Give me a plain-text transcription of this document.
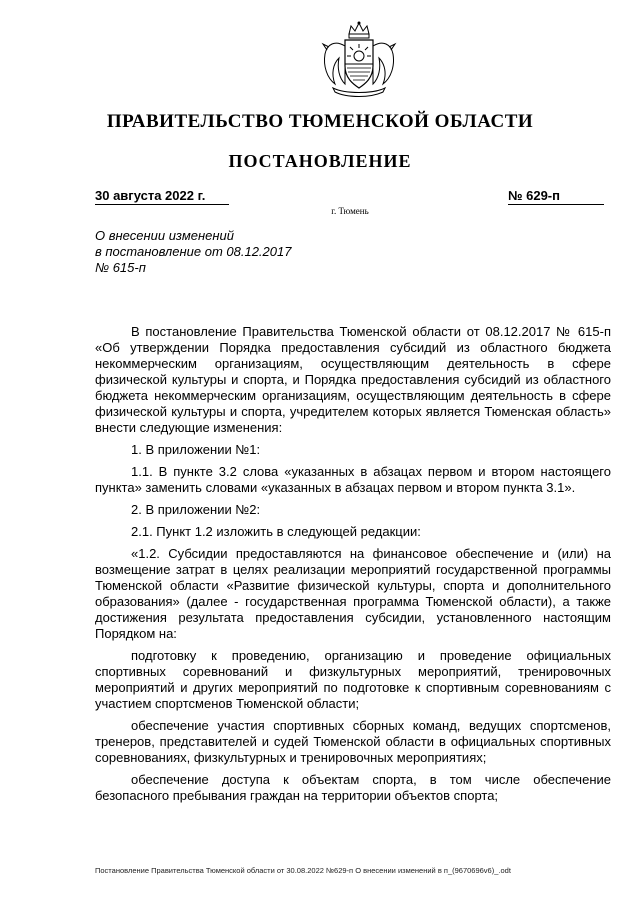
ПРАВИТЕЛЬСТВО ТЮМЕНСКОЙ ОБЛАСТИ
ПОСТАНОВЛЕНИЕ
30 августа 2022 г.	№ 629-п
г. Тюмень
О внесении изменений
в постановление от 08.12.2017
№ 615-п

В постановление Правительства Тюменской области от 08.12.2017 № 615-п «Об утверждении Порядка предоставления субсидий из областного бюджета некоммерческим организациям, осуществляющим деятельность в сфере физической культуры и спорта, и Порядка предоставления субсидий из областного бюджета некоммерческим организациям, осуществляющим деятельность в сфере физической культуры и спорта, учредителем которых является Тюменская область» внести следующие изменения:

1. В приложении №1:

1.1. В пункте 3.2 слова «указанных в абзацах первом и втором настоящего пункта» заменить словами «указанных в абзацах первом и втором пункта 3.1».

2. В приложении №2:

2.1. Пункт 1.2 изложить в следующей редакции:

«1.2. Субсидии предоставляются на финансовое обеспечение и (или) на возмещение затрат в целях реализации мероприятий государственной программы Тюменской области «Развитие физической культуры, спорта и дополнительного образования» (далее - государственная программа Тюменской области), а также достижения результата предоставления субсидии, установленного настоящим Порядком на:

подготовку к проведению, организацию и проведение официальных спортивных соревнований и физкультурных мероприятий, тренировочных мероприятий и других мероприятий по подготовке к спортивным соревнованиям с участием спортсменов Тюменской области;

обеспечение участия спортивных сборных команд, ведущих спортсменов, тренеров, представителей и судей Тюменской области в официальных спортивных соревнованиях, физкультурных и тренировочных мероприятиях;

обеспечение доступа к объектам спорта, в том числе обеспечение безопасного пребывания граждан на территории объектов спорта;

Постановление Правительства Тюменской области от 30.08.2022 №629-п О внесении изменений в п_(9670696v6)_.odt
